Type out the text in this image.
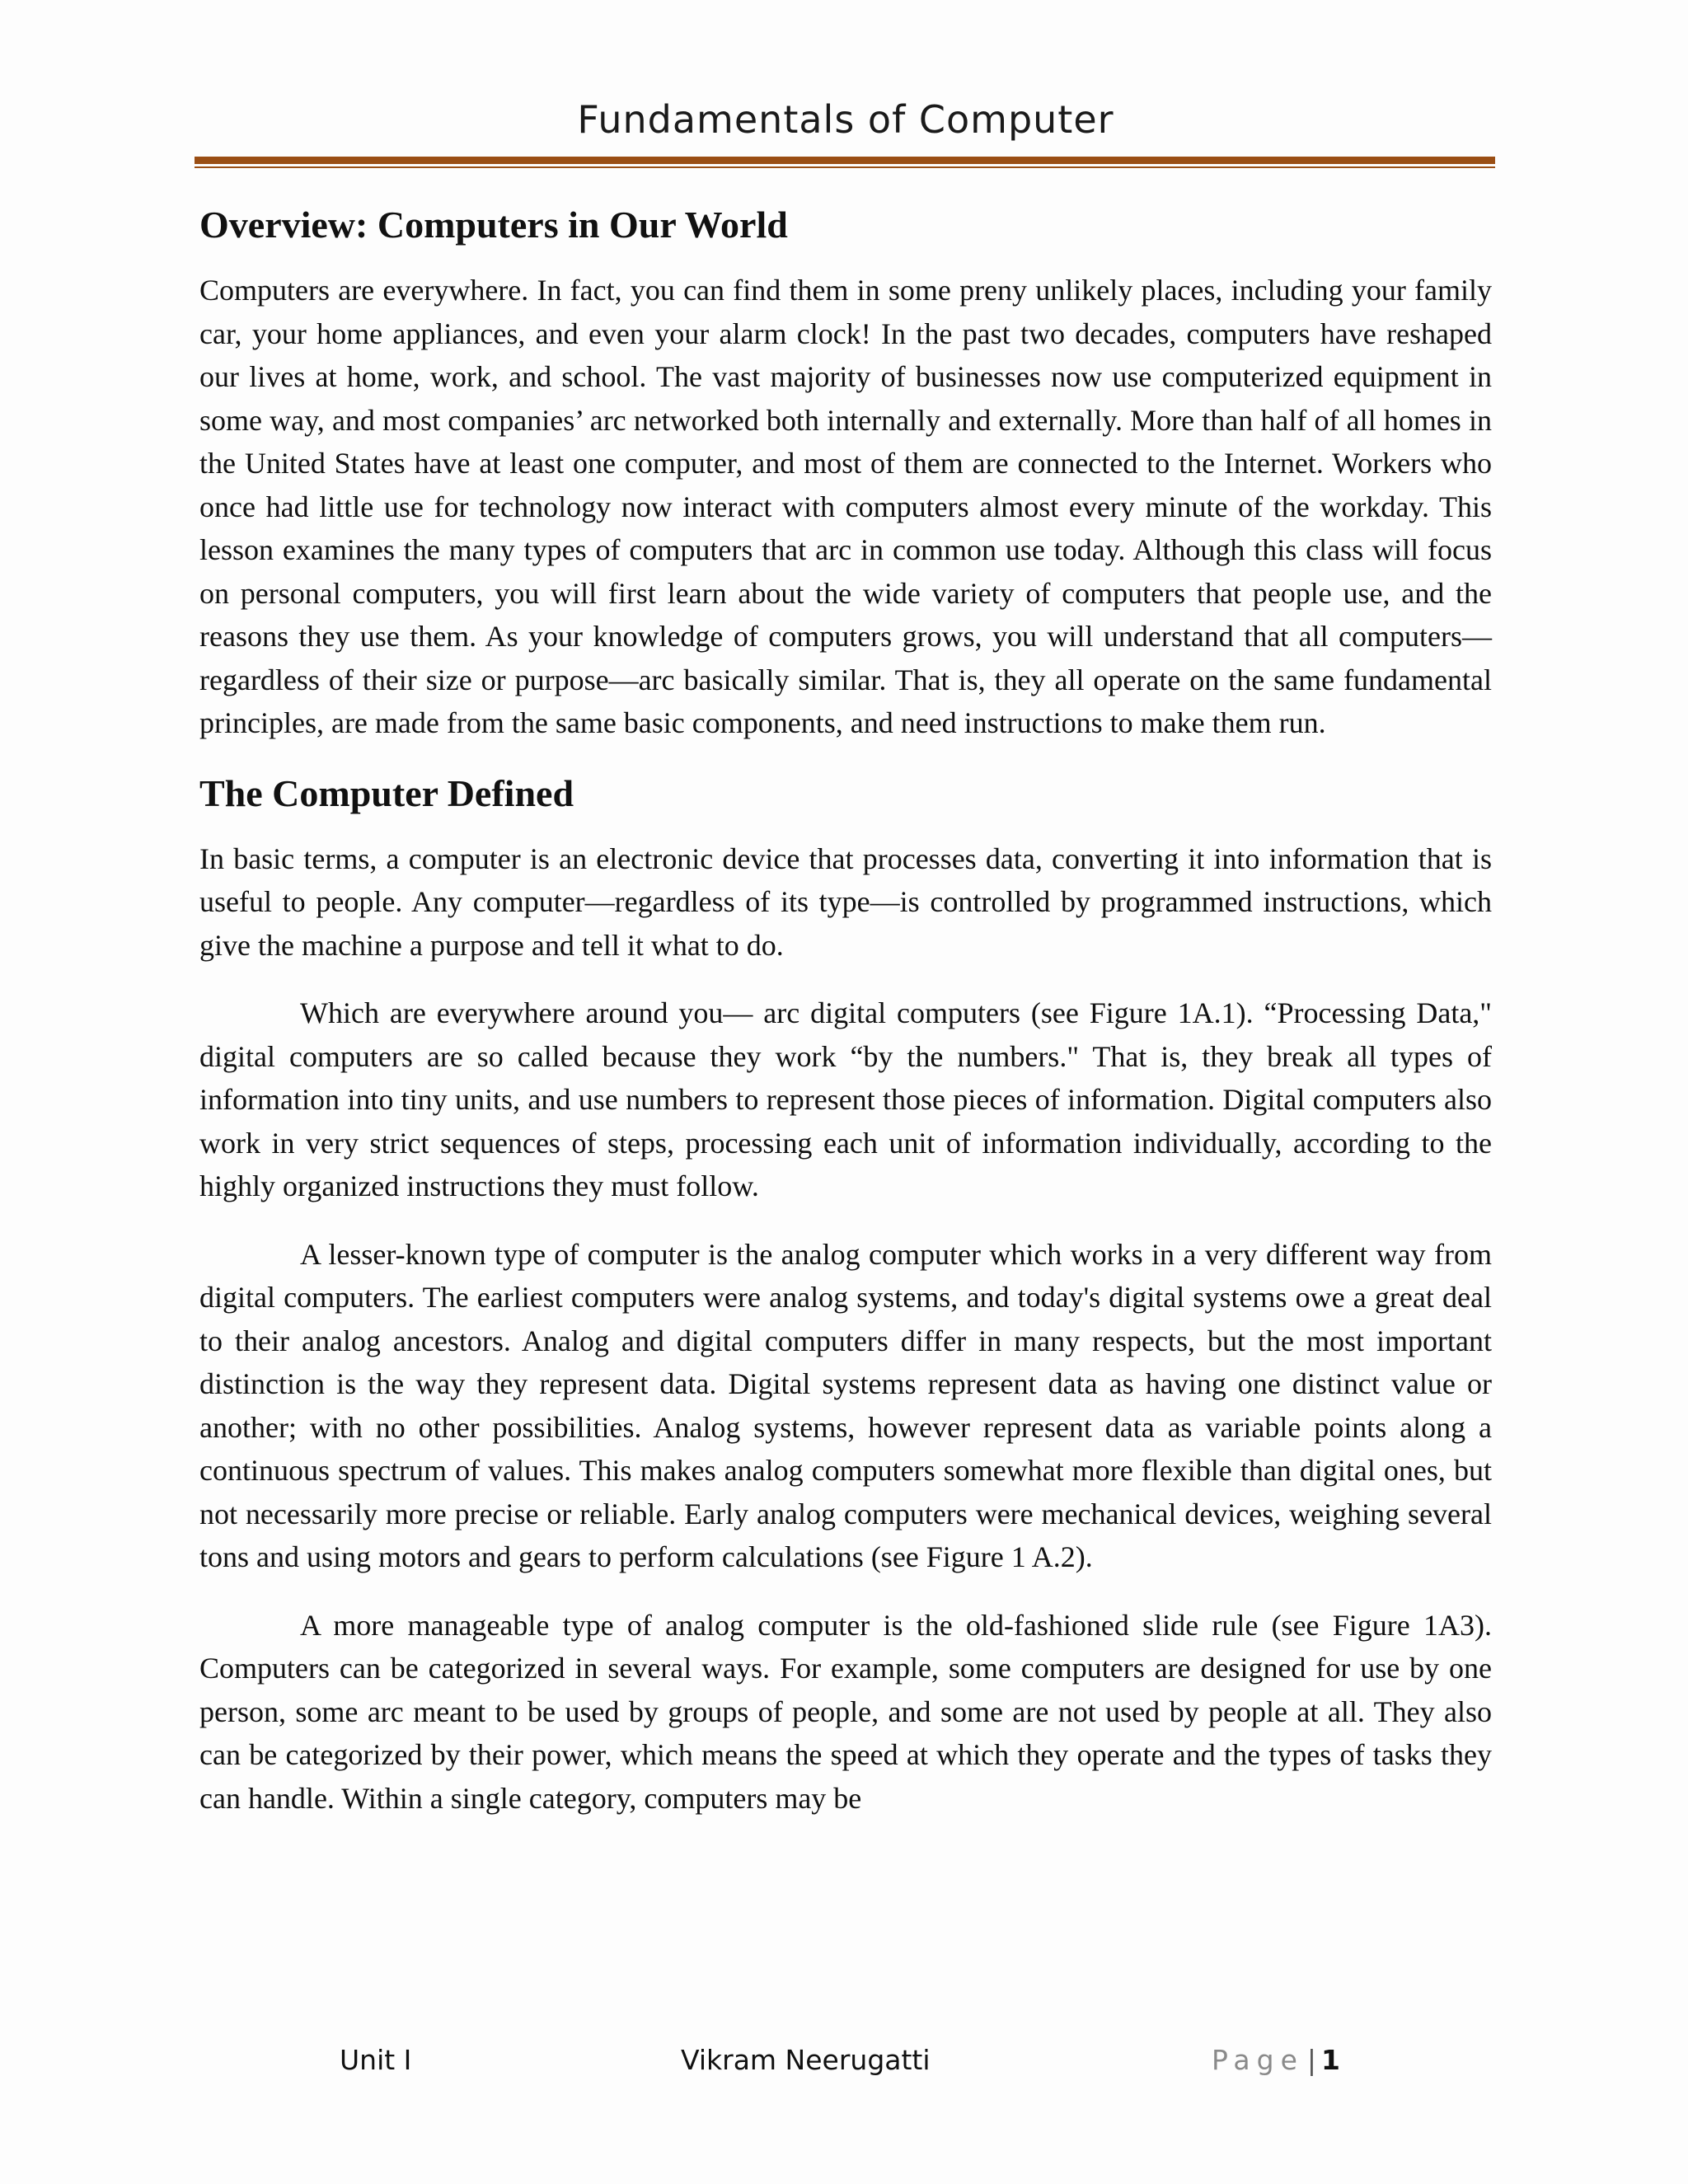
Fundamentals of Computer
Overview: Computers in Our World

Computers are everywhere. In fact, you can find them in some preny unlikely places, including your family car, your home appliances, and even your alarm clock! In the past two decades, computers have reshaped our lives at home, work, and school. The vast majority of businesses now use computerized equipment in some way, and most companies’ arc networked both internally and externally. More than half of all homes in the United States have at least one computer, and most of them are connected to the Internet. Workers who once had little use for technology now interact with computers almost every minute of the workday. This lesson examines the many types of computers that arc in common use today. Although this class will focus on personal computers, you will first learn about the wide variety of computers that people use, and the reasons they use them. As your knowledge of computers grows, you will understand that all computers—regardless of their size or purpose—arc basically similar. That is, they all operate on the same fundamental principles, are made from the same basic components, and need instructions to make them run.

The Computer Defined

In basic terms, a computer is an electronic device that processes data, converting it into information that is useful to people. Any computer—regardless of its type—is controlled by programmed instructions, which give the machine a purpose and tell it what to do.

Which are everywhere around you— arc digital computers (see Figure 1A.1). “Processing Data," digital computers are so called because they work “by the numbers." That is, they break all types of information into tiny units, and use numbers to represent those pieces of information. Digital computers also work in very strict sequences of steps, processing each unit of information individually, according to the highly organized instructions they must follow.

A lesser-known type of computer is the analog computer which works in a very different way from digital computers. The earliest computers were analog systems, and today's digital systems owe a great deal to their analog ancestors. Analog and digital computers differ in many respects, but the most important distinction is the way they represent data. Digital systems represent data as having one distinct value or another; with no other possibilities. Analog systems, however represent data as variable points along a continuous spectrum of values. This makes analog computers somewhat more flexible than digital ones, but not necessarily more precise or reliable. Early analog computers were mechanical devices, weighing several tons and using motors and gears to perform calculations (see Figure 1 A.2).

A more manageable type of analog computer is the old-fashioned slide rule (see Figure 1A3). Computers can be categorized in several ways. For example, some computers are designed for use by one person, some arc meant to be used by groups of people, and some are not used by people at all. They also can be categorized by their power, which means the speed at which they operate and the types of tasks they can handle. Within a single category, computers may be

Unit I	Vikram Neerugatti	Page | 1
